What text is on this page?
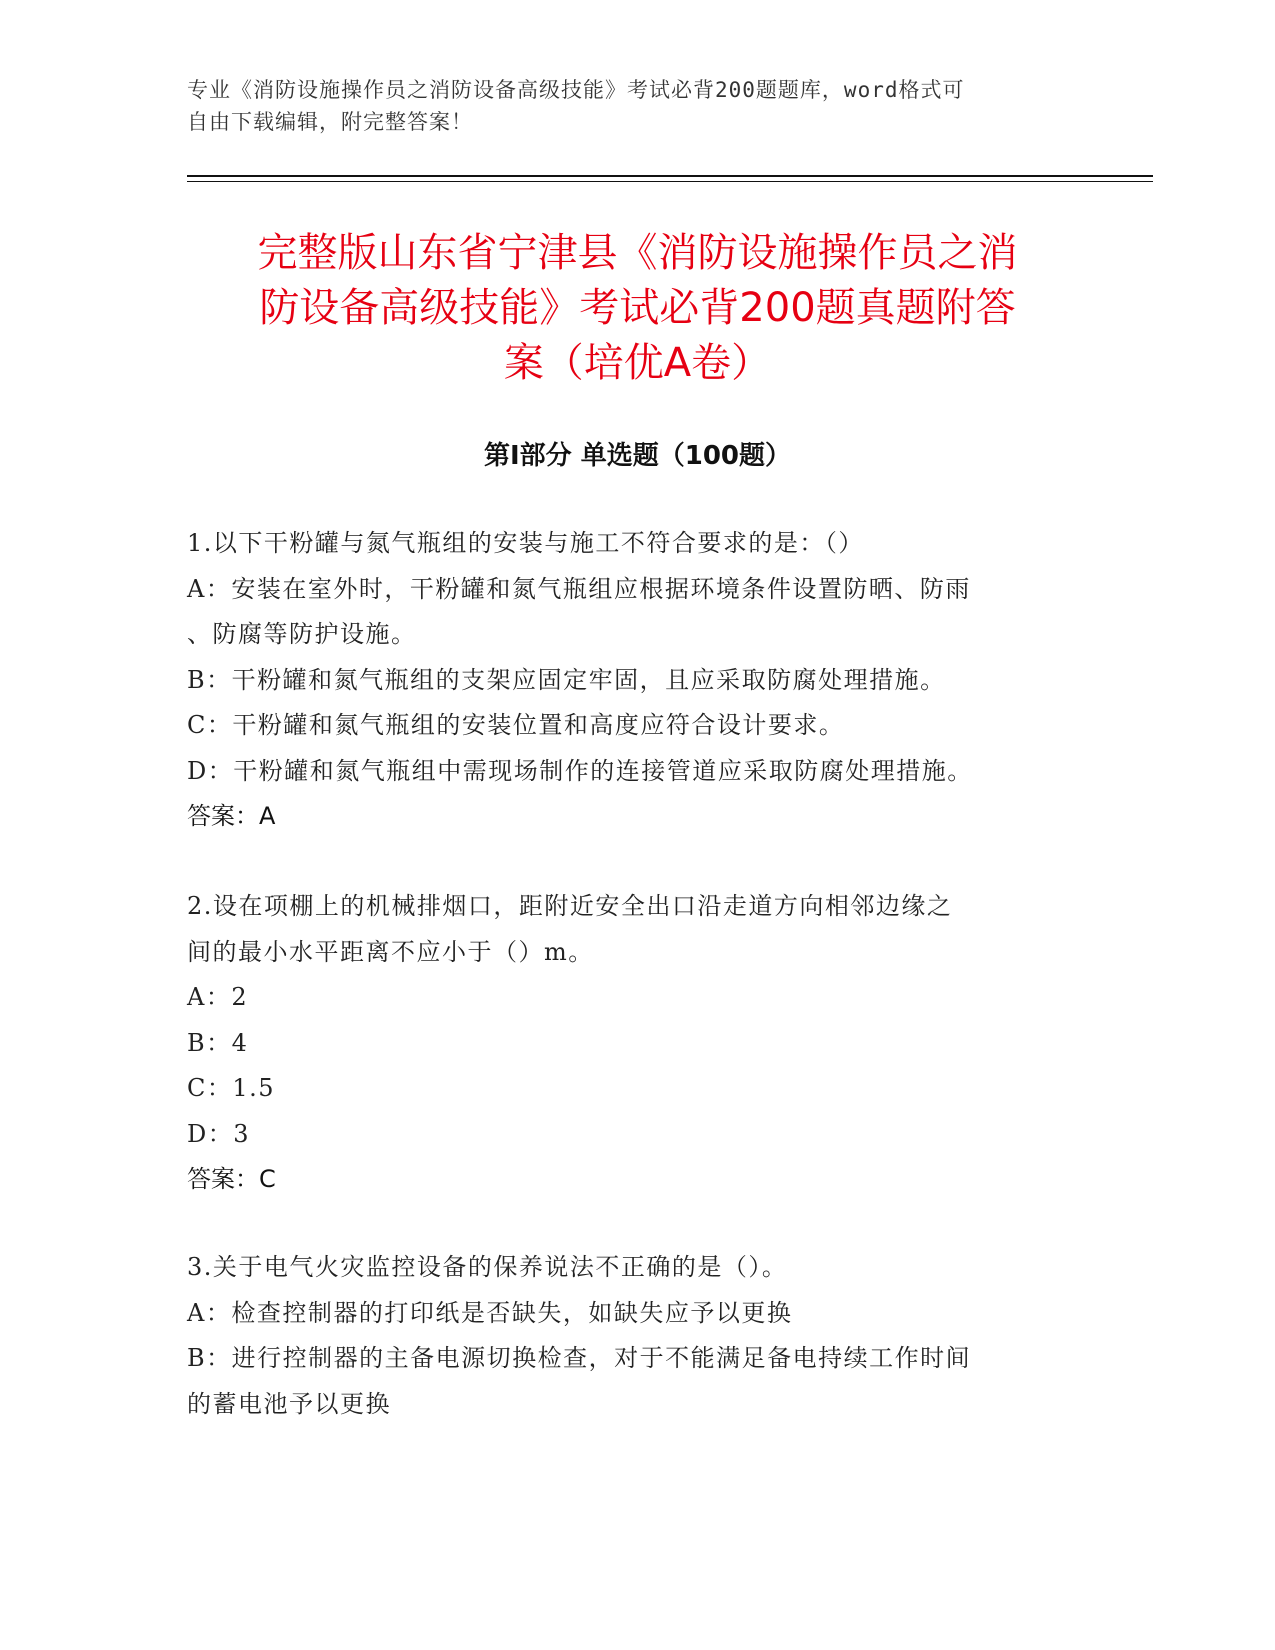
专业《消防设施操作员之消防设备高级技能》考试必背200题题库，word格式可
自由下载编辑，附完整答案！
完整版山东省宁津县《消防设施操作员之消
防设备高级技能》考试必背200题真题附答
案（培优A卷）
第I部分 单选题（100题）
1.以下干粉罐与氮气瓶组的安装与施工不符合要求的是：（）
A：安装在室外时，干粉罐和氮气瓶组应根据环境条件设置防晒、防雨
、防腐等防护设施。
B：干粉罐和氮气瓶组的支架应固定牢固，且应采取防腐处理措施。
C：干粉罐和氮气瓶组的安装位置和高度应符合设计要求。
D：干粉罐和氮气瓶组中需现场制作的连接管道应采取防腐处理措施。
答案：A
2.设在项棚上的机械排烟口，距附近安全出口沿走道方向相邻边缘之
间的最小水平距离不应小于（）m。
A：2
B：4
C：1.5
D：3
答案：C
3.关于电气火灾监控设备的保养说法不正确的是（）。
A：检查控制器的打印纸是否缺失，如缺失应予以更换
B：进行控制器的主备电源切换检查，对于不能满足备电持续工作时间
的蓄电池予以更换
